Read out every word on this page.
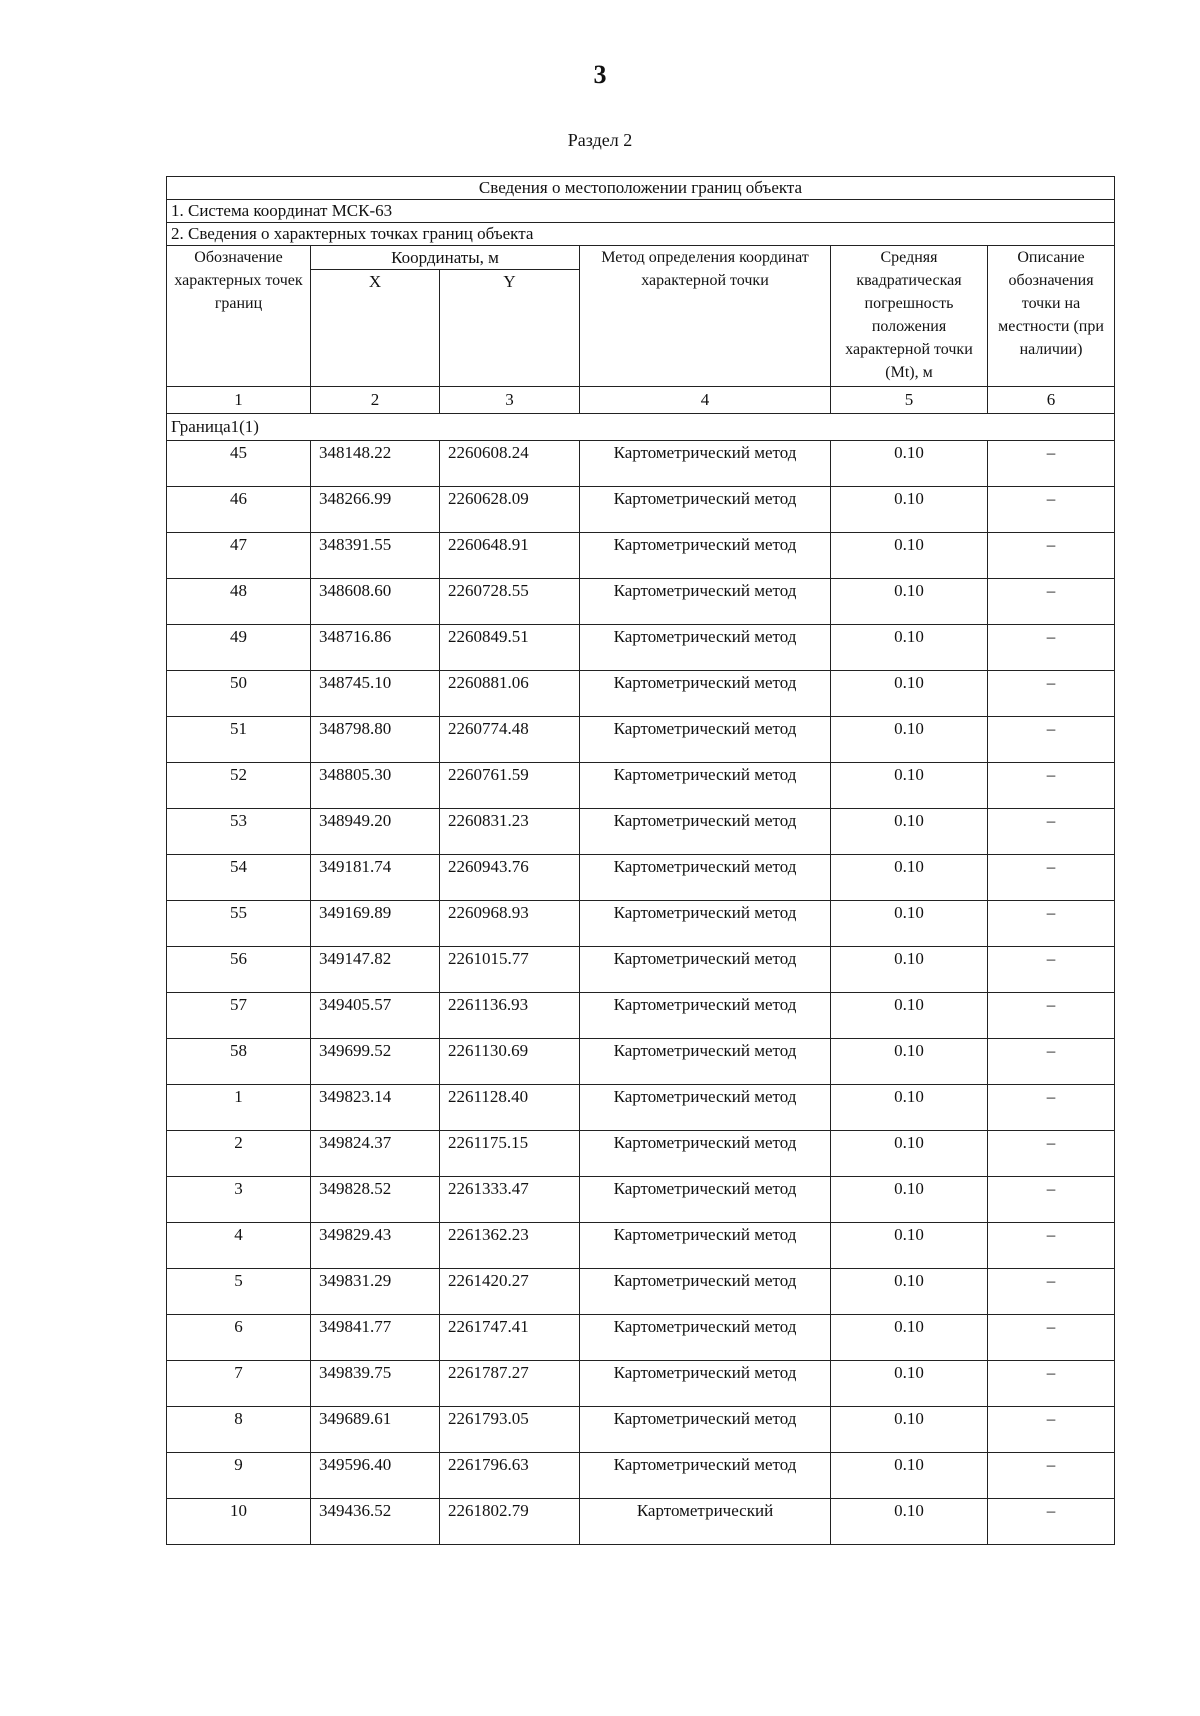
3
Раздел 2
Сведения о местоположении границ объекта					
1. Система координат МСК-63					
2. Сведения о характерных точках границ объекта					
Обозначение характерных точек границ	Координаты, м		Метод определения координат характерной точки	Средняя квадратическая погрешность положения характерной точки (Mt), м	Описание обозначения точки на местности (при наличии)
	X	Y			
1	2	3	4	5	6
Граница1(1)					
45	348148.22	2260608.24	Картометрический метод	0.10	–
46	348266.99	2260628.09	Картометрический метод	0.10	–
47	348391.55	2260648.91	Картометрический метод	0.10	–
48	348608.60	2260728.55	Картометрический метод	0.10	–
49	348716.86	2260849.51	Картометрический метод	0.10	–
50	348745.10	2260881.06	Картометрический метод	0.10	–
51	348798.80	2260774.48	Картометрический метод	0.10	–
52	348805.30	2260761.59	Картометрический метод	0.10	–
53	348949.20	2260831.23	Картометрический метод	0.10	–
54	349181.74	2260943.76	Картометрический метод	0.10	–
55	349169.89	2260968.93	Картометрический метод	0.10	–
56	349147.82	2261015.77	Картометрический метод	0.10	–
57	349405.57	2261136.93	Картометрический метод	0.10	–
58	349699.52	2261130.69	Картометрический метод	0.10	–
1	349823.14	2261128.40	Картометрический метод	0.10	–
2	349824.37	2261175.15	Картометрический метод	0.10	–
3	349828.52	2261333.47	Картометрический метод	0.10	–
4	349829.43	2261362.23	Картометрический метод	0.10	–
5	349831.29	2261420.27	Картометрический метод	0.10	–
6	349841.77	2261747.41	Картометрический метод	0.10	–
7	349839.75	2261787.27	Картометрический метод	0.10	–
8	349689.61	2261793.05	Картометрический метод	0.10	–
9	349596.40	2261796.63	Картометрический метод	0.10	–
10	349436.52	2261802.79	Картометрический	0.10	–
